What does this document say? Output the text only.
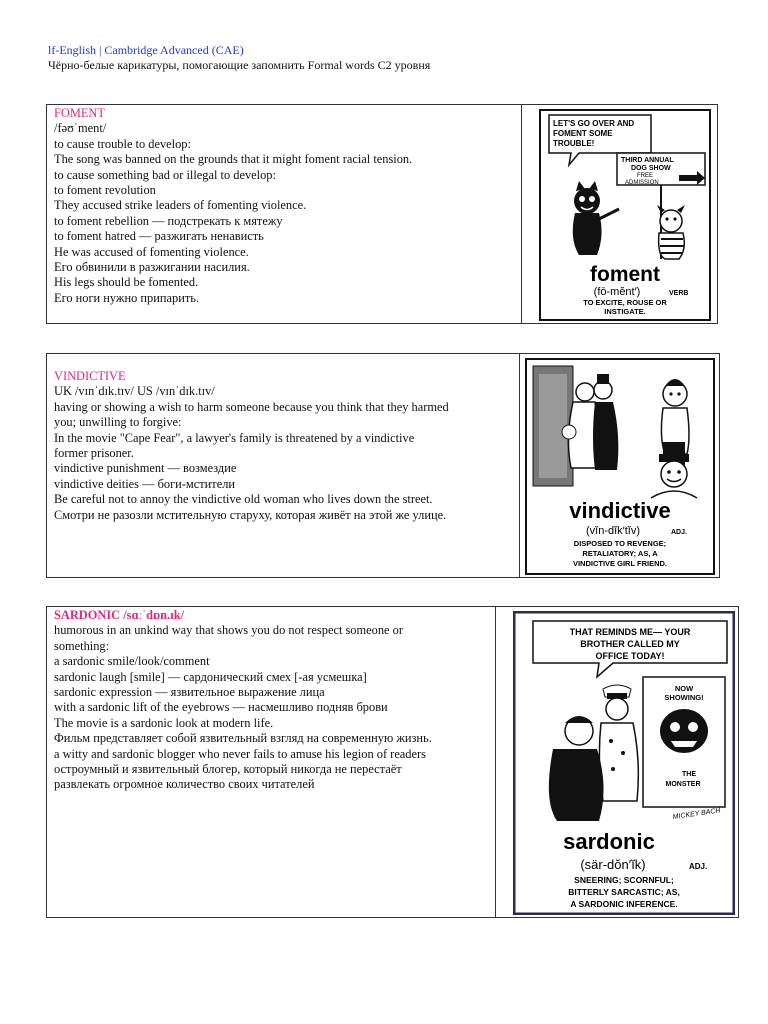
lf-English | Cambridge Advanced (CAE)
Чёрно-белые карикатуры, помогающие запомнить Formal words C2 уровня
FOMENT
/fəʊˈment/
to cause trouble to develop:
The song was banned on the grounds that it might foment racial tension.
to cause something bad or illegal to develop:
to foment revolution
They accused strike leaders of fomenting violence.
to foment rebellion — подстрекать к мятежу
to foment hatred — разжигать ненависть
He was accused of fomenting violence.
Его обвинили в разжигании насилия.
His legs should be fomented.
Его ноги нужно припарить.
LET'S GO OVER AND
FOMENT SOME
TROUBLE!
THIRD ANNUAL
DOG SHOW
FREE
ADMISSION
foment
(fō-mĕnt′)	VERB
TO EXCITE, ROUSE OR
INSTIGATE.
VINDICTIVE
UK /vɪnˈdɪk.tɪv/ US /vɪnˈdɪk.tɪv/
having or showing a wish to harm someone because you think that they harmed
you; unwilling to forgive:
In the movie "Cape Fear", a lawyer's family is threatened by a vindictive
former prisoner.
vindictive punishment — возмездие
vindictive deities — боги-мстители
Be careful not to annoy the vindictive old woman who lives down the street.
Смотри не разозли мстительную старуху, которая живёт на этой же улице.	vindictive
(vĭn-dĭk′tĭv)	ADJ.
DISPOSED TO REVENGE;
RETALIATORY; AS, A
VINDICTIVE GIRL FRIEND.
SARDONIC /sɑːˈdɒn.ɪk/
humorous in an unkind way that shows you do not respect someone or
something:
a sardonic smile/look/comment
sardonic laugh [smile] — сардонический смех [-ая усмешка]
sardonic expression — язвительное выражение лица
with a sardonic lift of the eyebrows — насмешливо подняв брови
The movie is a sardonic look at modern life.
Фильм представляет собой язвительный взгляд на современную жизнь.
a witty and sardonic blogger who never fails to amuse his legion of readers
остроумный и язвительный блогер, который никогда не перестаёт
развлекать огромное количество своих читателей
THAT REMINDS ME— YOUR
BROTHER CALLED MY
OFFICE TODAY!
NOW
SHOWING!
THE
MONSTER
MICKEY BACH
sardonic
(sär-dŏn′ĭk)	ADJ.
SNEERING; SCORNFUL;
BITTERLY SARCASTIC; AS,
A SARDONIC INFERENCE.
